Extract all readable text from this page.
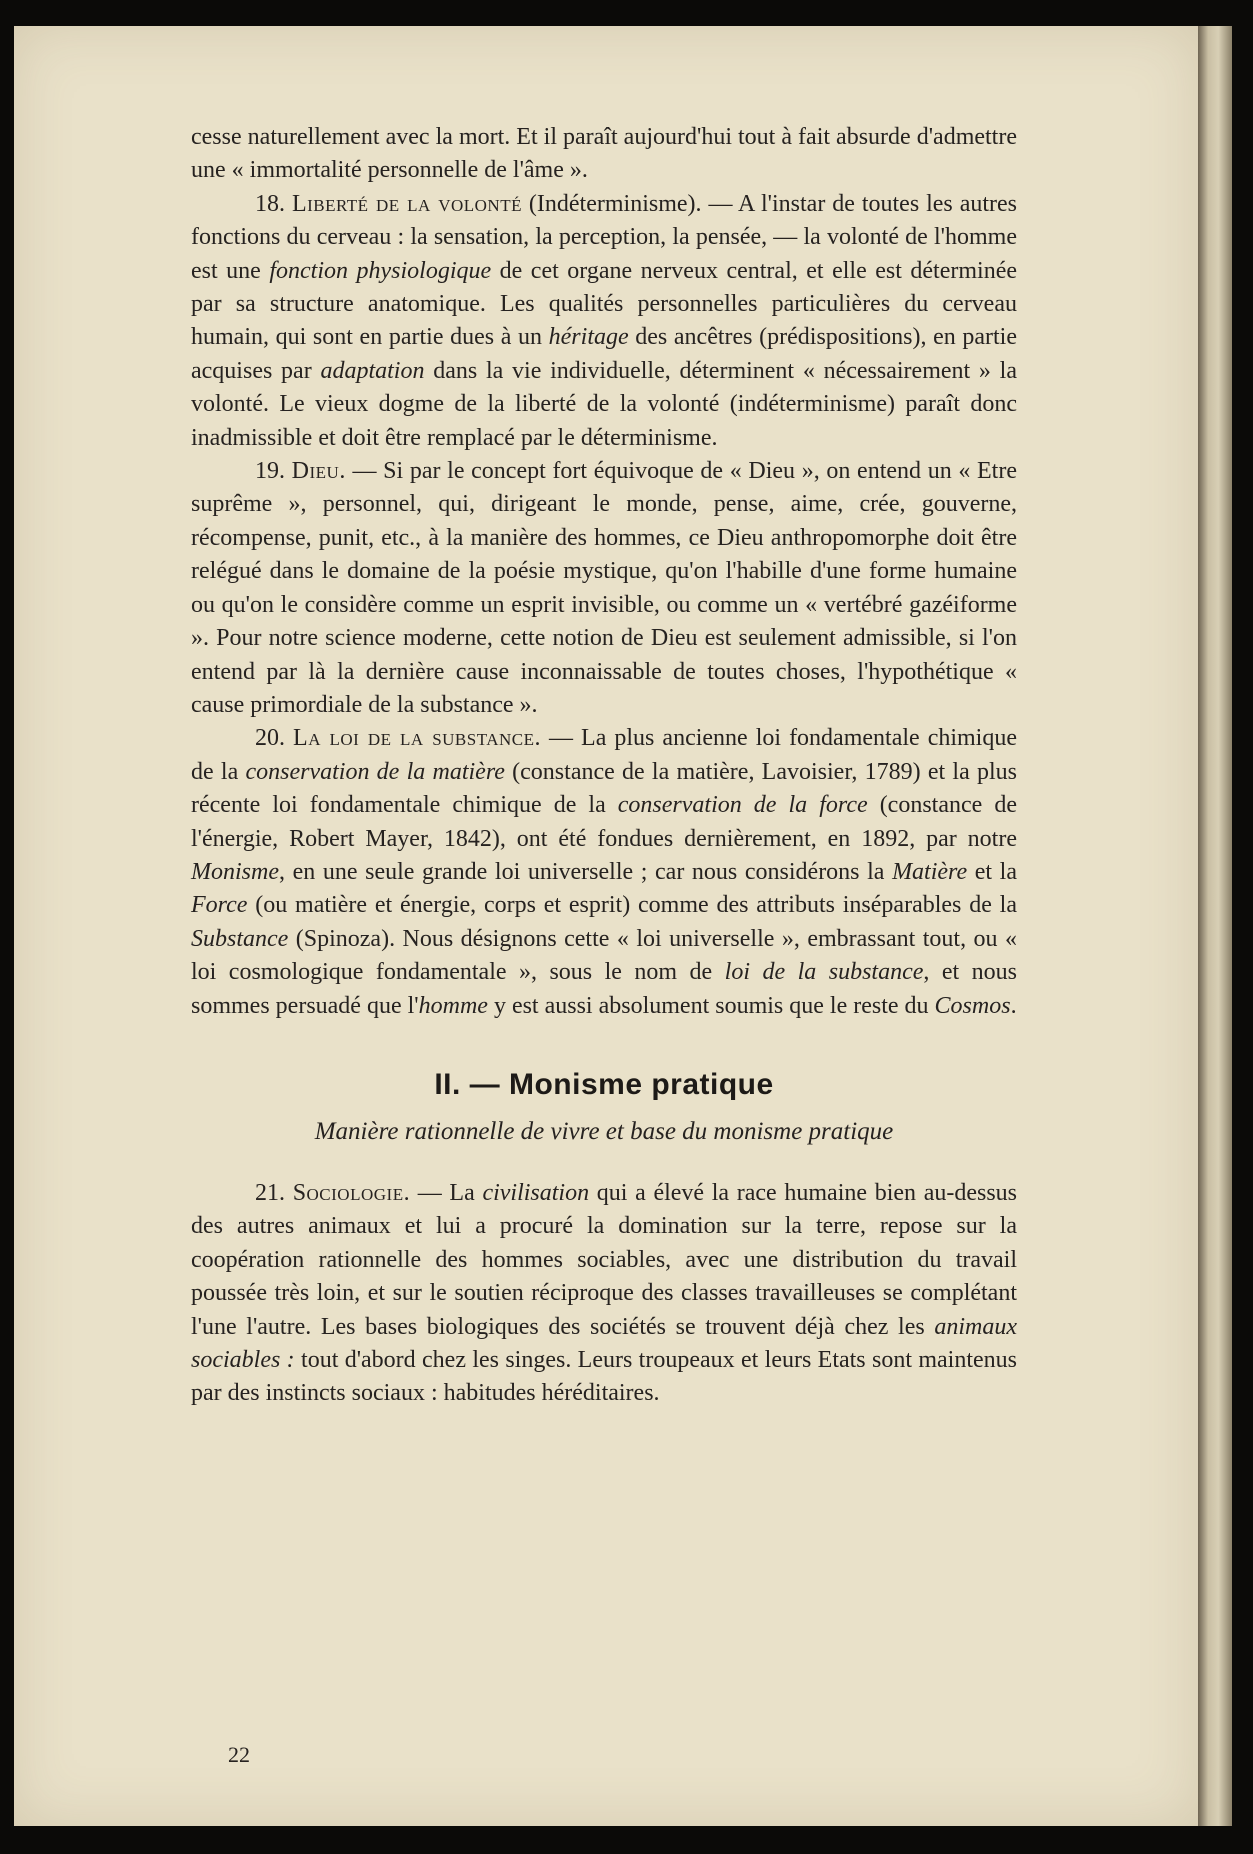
cesse naturellement avec la mort. Et il paraît aujourd'hui tout à fait absurde d'admettre une « immortalité personnelle de l'âme ».

18. Liberté de la volonté (Indéterminisme). — A l'instar de toutes les autres fonctions du cerveau : la sensation, la perception, la pensée, — la volonté de l'homme est une fonction physiologique de cet organe nerveux central, et elle est déterminée par sa structure anatomique. Les qualités personnelles particulières du cerveau humain, qui sont en partie dues à un héritage des ancêtres (prédispositions), en partie acquises par adaptation dans la vie individuelle, déterminent « nécessairement » la volonté. Le vieux dogme de la liberté de la volonté (indéterminisme) paraît donc inadmissible et doit être remplacé par le déterminisme.

19. Dieu. — Si par le concept fort équivoque de « Dieu », on entend un « Etre suprême », personnel, qui, dirigeant le monde, pense, aime, crée, gouverne, récompense, punit, etc., à la manière des hommes, ce Dieu anthropomorphe doit être relégué dans le domaine de la poésie mystique, qu'on l'habille d'une forme humaine ou qu'on le considère comme un esprit invisible, ou comme un « vertébré gazéiforme ». Pour notre science moderne, cette notion de Dieu est seulement admissible, si l'on entend par là la dernière cause inconnaissable de toutes choses, l'hypothétique « cause primordiale de la substance ».

20. La loi de la substance. — La plus ancienne loi fondamentale chimique de la conservation de la matière (constance de la matière, Lavoisier, 1789) et la plus récente loi fondamentale chimique de la conservation de la force (constance de l'énergie, Robert Mayer, 1842), ont été fondues dernièrement, en 1892, par notre Monisme, en une seule grande loi universelle ; car nous considérons la Matière et la Force (ou matière et énergie, corps et esprit) comme des attributs inséparables de la Substance (Spinoza). Nous désignons cette « loi universelle », embrassant tout, ou « loi cosmologique fondamentale », sous le nom de loi de la substance, et nous sommes persuadé que l'homme y est aussi absolument soumis que le reste du Cosmos.

II. — Monisme pratique
Manière rationnelle de vivre et base du monisme pratique

21. Sociologie. — La civilisation qui a élevé la race humaine bien au-dessus des autres animaux et lui a procuré la domination sur la terre, repose sur la coopération rationnelle des hommes sociables, avec une distribution du travail poussée très loin, et sur le soutien réciproque des classes travailleuses se complétant l'une l'autre. Les bases biologiques des sociétés se trouvent déjà chez les animaux sociables : tout d'abord chez les singes. Leurs troupeaux et leurs Etats sont maintenus par des instincts sociaux : habitudes héréditaires.

22
